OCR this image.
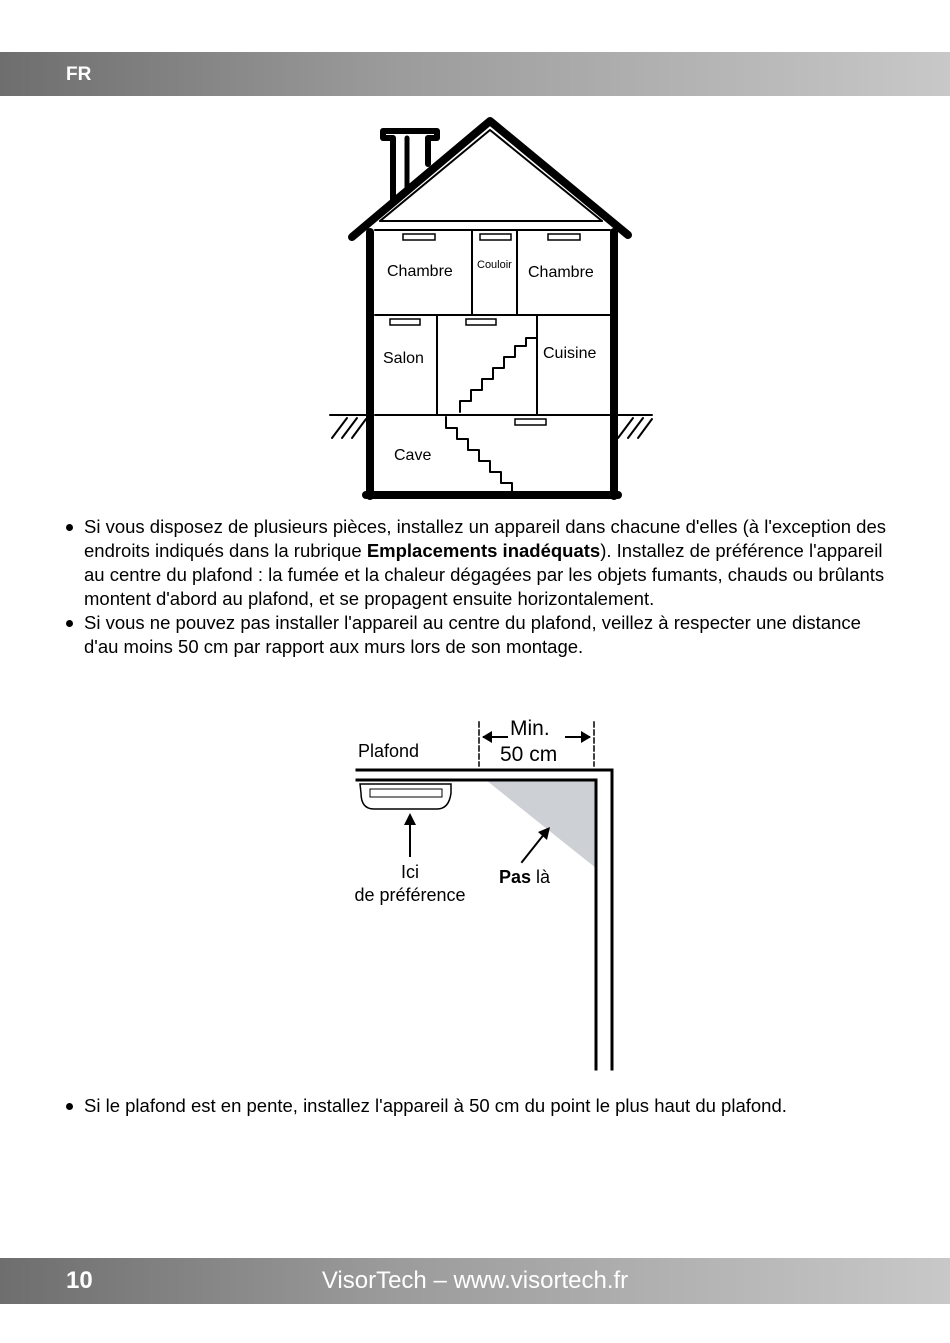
FR
Chambre Couloir Chambre
Salon	Cuisine
Cave
Si vous disposez de plusieurs pièces, installez un appareil dans chacune d'elles (à l'exception des endroits indiqués dans la rubrique Emplacements inadéquats). Installez de préférence l'appareil au centre du plafond : la fumée et la chaleur dégagées par les objets fumants, chauds ou brûlants montent d'abord au plafond, et se propagent ensuite horizontalement.
Si vous ne pouvez pas installer l'appareil au centre du plafond, veillez à respecter une distance d'au moins 50 cm par rapport aux murs lors de son montage.
Plafond
Min.
50 cm
Ici
de préférence
Pas là
Si le plafond est en pente, installez l'appareil à 50 cm du point le plus haut du plafond.
10	VisorTech – www.visortech.fr
